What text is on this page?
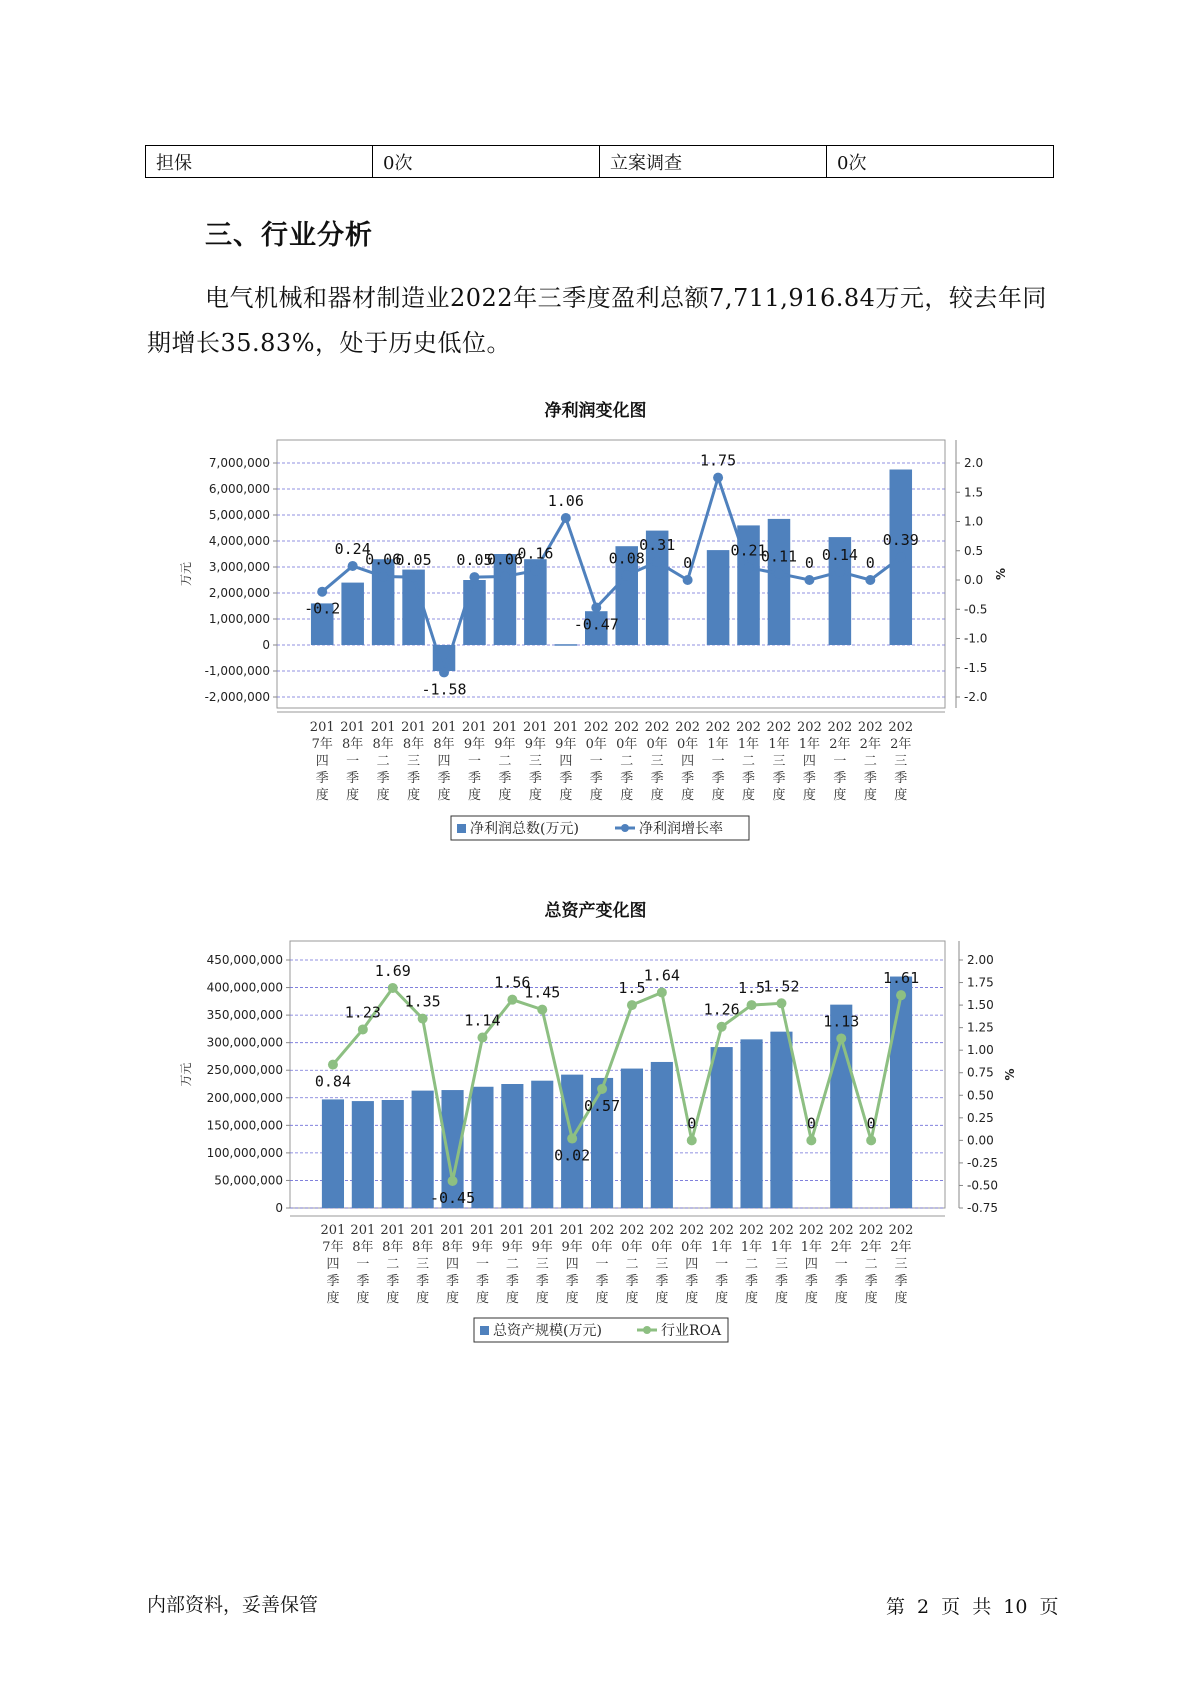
担保	0次	立案调查	0次
三、行业分析

电气机械和器材制造业2022年三季度盈利总额7,711,916.84万元，较去年同期增长35.83%，处于历史低位。

净利润变化图

7,000,000
6,000,000
5,000,000
4,000,000
3,000,000
2,000,000
1,000,000
0
-1,000,000
-2,000,000
2.0
1.5
1.0
0.5
0.0
-0.5
-1.0
-1.5
-2.0
万元	%
201
7年
四
季
度
201
8年
一
季
度
201
8年
二
季
度
201
8年
三
季
度
201
8年
四
季
度
201
9年
一
季
度
201
9年
二
季
度
201
9年
三
季
度
201
9年
四
季
度
202
0年
一
季
度
202
0年
二
季
度
202
0年
三
季
度
202
0年
四
季
度
202
1年
一
季
度
202
1年
二
季
度
202
1年
三
季
度
202
1年
四
季
度
202
2年
一
季
度
202
2年
二
季
度
202
2年
三
季
度
-0.2
0.24
0.06
0.05
-1.58
0.05
0.06
0.16
1.06
-0.47
0.08
0.31
0
1.75
0.21
0.11 0 0.14 0
0.39
净利润总数(万元)	净利润增长率

总资产变化图

450,000,000
400,000,000
350,000,000
300,000,000
250,000,000
200,000,000
150,000,000
100,000,000
50,000,000
0
2.00
1.75
1.50
1.25
1.00
0.75
0.50
0.25
0.00
-0.25
-0.50
-0.75
万元	%
201
7年
四
季
度
201
8年
一
季
度
201
8年
二
季
度
201
8年
三
季
度
201
8年
四
季
度
201
9年
一
季
度
201
9年
二
季
度
201
9年
三
季
度
201
9年
四
季
度
202
0年
一
季
度
202
0年
二
季
度
202
0年
三
季
度
202
0年
四
季
度
202
1年
一
季
度
202
1年
二
季
度
202
1年
三
季
度
202
1年
四
季
度
202
2年
一
季
度
202
2年
二
季
度
202
2年
三
季
度
0.84
1.23
1.69
1.35
-0.45
1.14
1.56
1.45
0.02
0.57
1.5
1.64
0
1.26
1.5
1.52
0
1.13
0
1.61
总资产规模(万元)	行业ROA
内部资料，妥善保管	第 2 页 共 10 页
